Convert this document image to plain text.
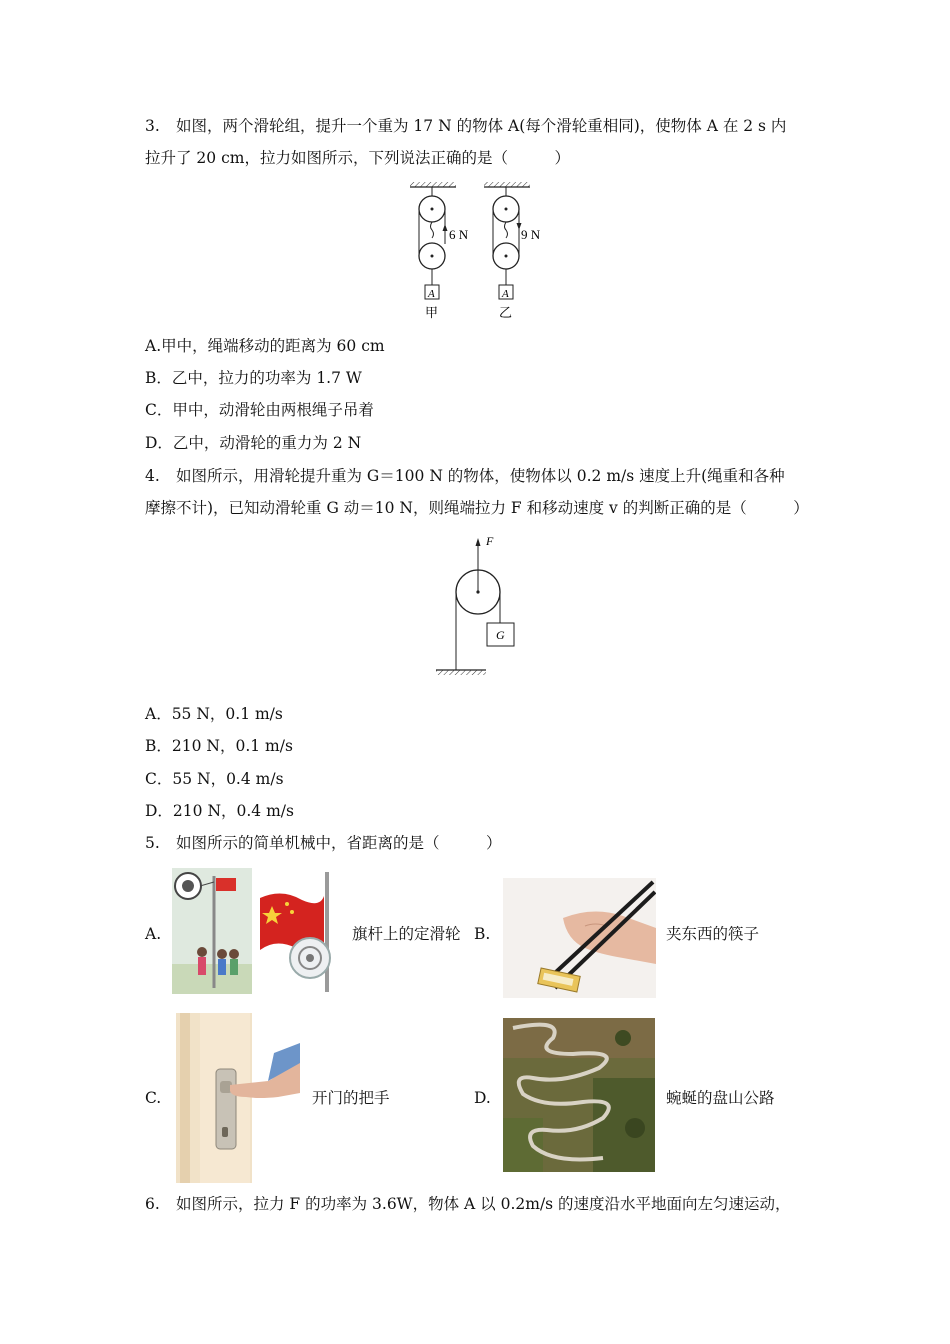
3. 如图，两个滑轮组，提升一个重为 17 N 的物体 A(每个滑轮重相同)，使物体 A 在 2 s 内
拉升了 20 cm，拉力如图所示，下列说法正确的是（　　　）
6 N	9 N
A	A
甲	乙
A.甲中，绳端移动的距离为 60 cm
B．乙中，拉力的功率为 1.7 W
C．甲中，动滑轮由两根绳子吊着
D．乙中，动滑轮的重力为 2 N
4. 如图所示，用滑轮提升重为 G＝100 N 的物体，使物体以 0.2 m/s 速度上升(绳重和各种
摩擦不计)，已知动滑轮重 G 动＝10 N，则绳端拉力 F 和移动速度 v 的判断正确的是（　　　）
F
G
A．55 N，0.1 m/s
B．210 N，0.1 m/s
C．55 N，0.4 m/s
D．210 N，0.4 m/s
5. 如图所示的简单机械中，省距离的是（　　　）
A.	旗杆上的定滑轮 B.	夹东西的筷子
C.	开门的把手	D.	蜿蜒的盘山公路
6. 如图所示，拉力 F 的功率为 3.6W，物体 A 以 0.2m/s 的速度沿水平地面向左匀速运动，
